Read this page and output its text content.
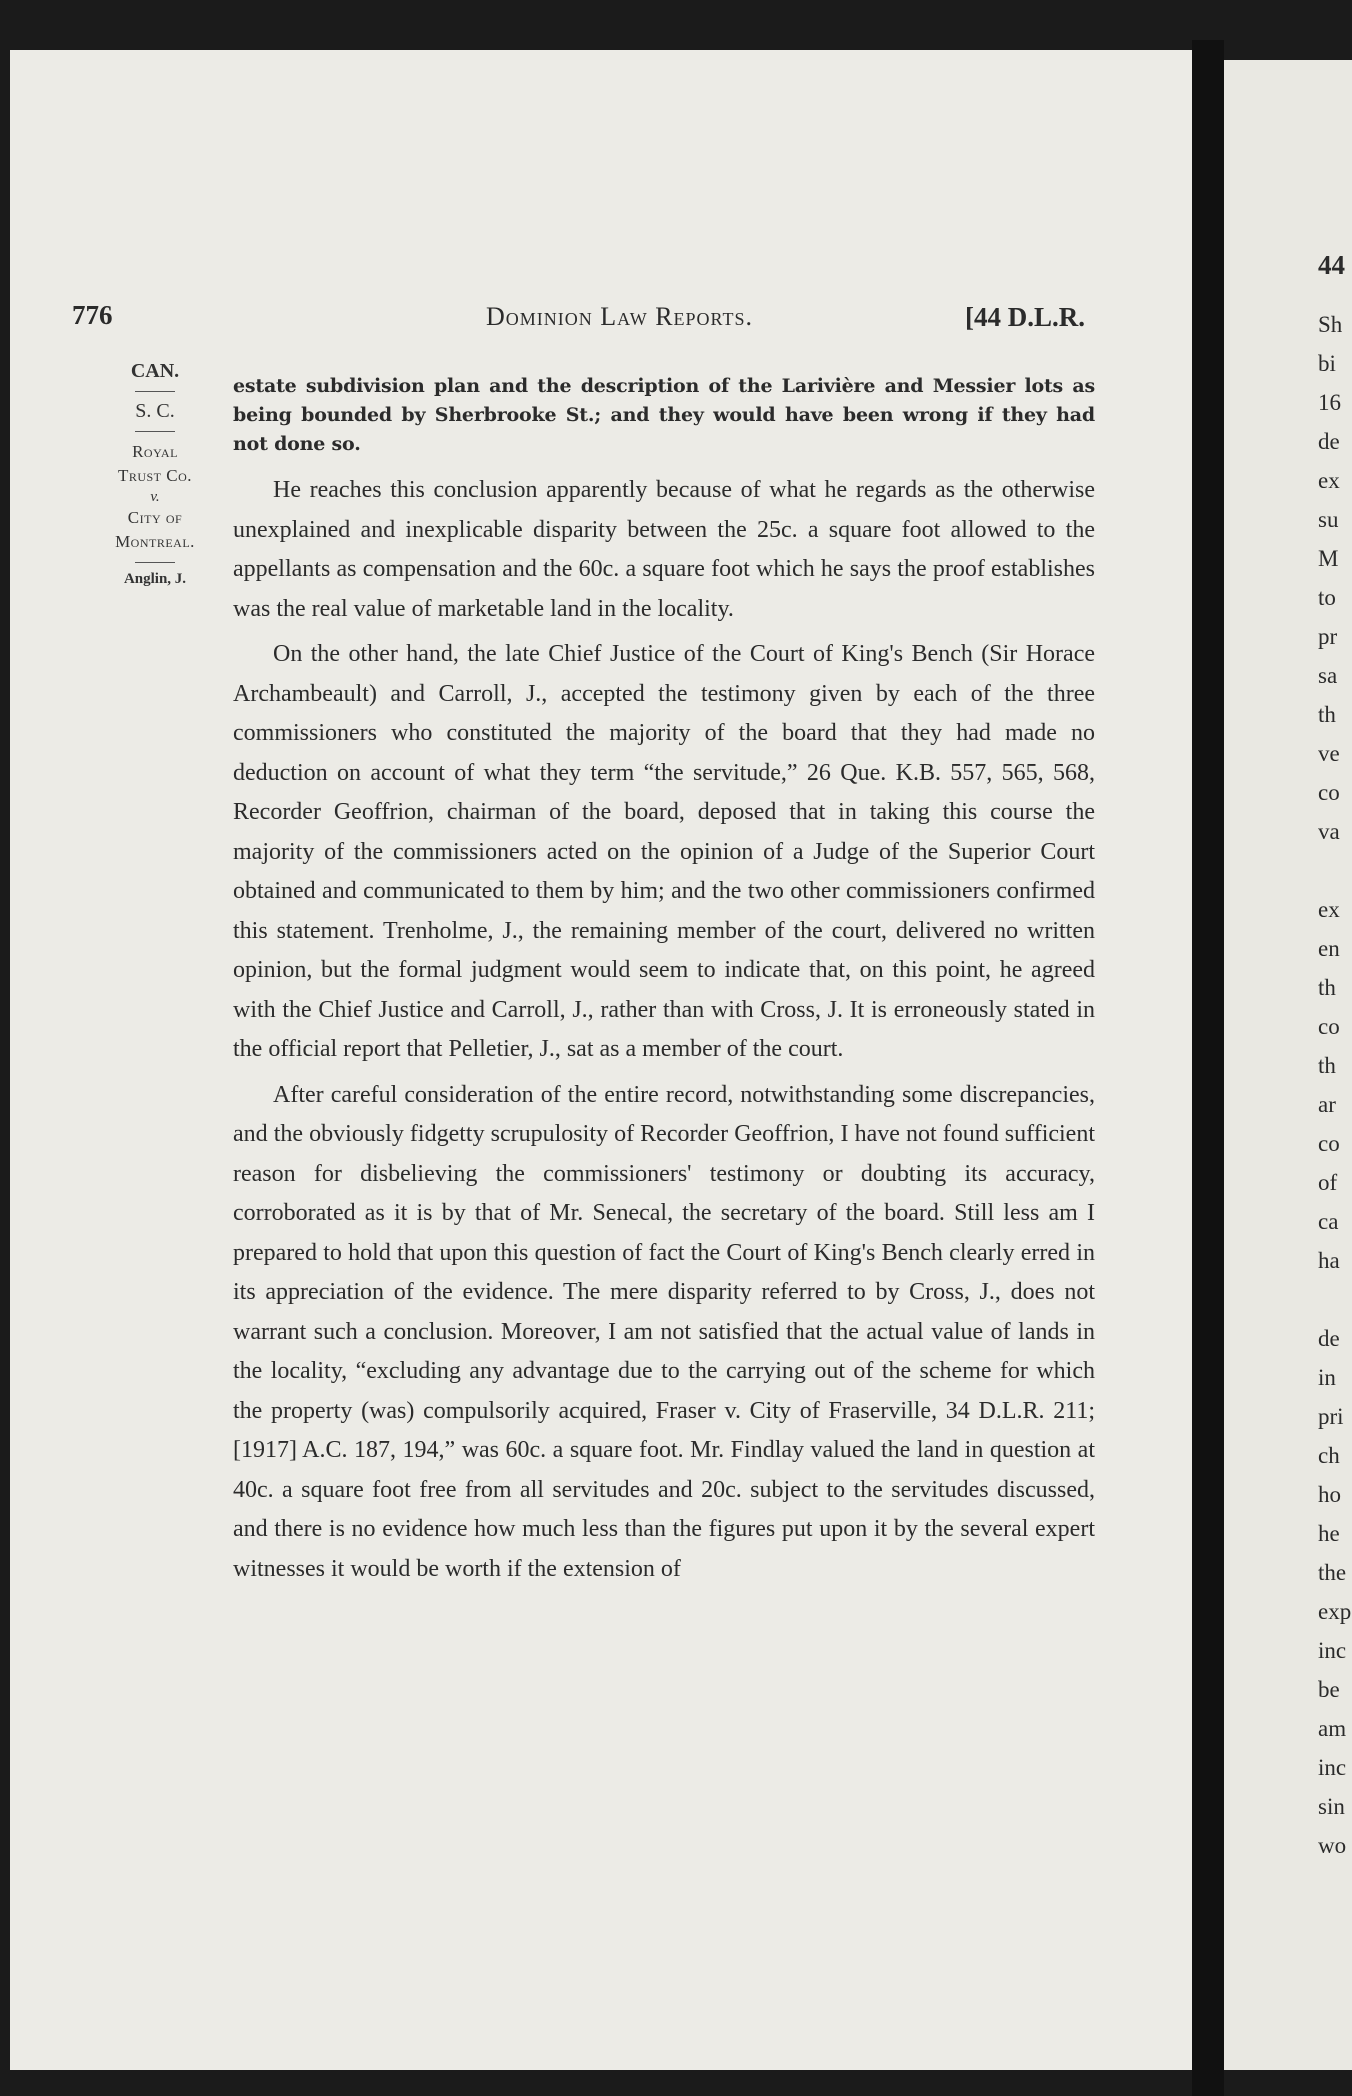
776	Dominion Law Reports.	[44 D.L.R.
CAN.
S. C.
Royal
Trust Co.
v.
City of
Montreal.
Anglin, J.

estate subdivision plan and the description of the Larivière and Messier lots as being bounded by Sherbrooke St.; and they would have been wrong if they had not done so.

He reaches this conclusion apparently because of what he regards as the otherwise unexplained and inexplicable disparity between the 25c. a square foot allowed to the appellants as compensation and the 60c. a square foot which he says the proof establishes was the real value of marketable land in the locality.

On the other hand, the late Chief Justice of the Court of King's Bench (Sir Horace Archambeault) and Carroll, J., accepted the testimony given by each of the three commissioners who constituted the majority of the board that they had made no deduction on account of what they term “the servitude,” 26 Que. K.B. 557, 565, 568, Recorder Geoffrion, chairman of the board, deposed that in taking this course the majority of the commissioners acted on the opinion of a Judge of the Superior Court obtained and communicated to them by him; and the two other commissioners confirmed this statement. Trenholme, J., the remaining member of the court, delivered no written opinion, but the formal judgment would seem to indicate that, on this point, he agreed with the Chief Justice and Carroll, J., rather than with Cross, J. It is erroneously stated in the official report that Pelletier, J., sat as a member of the court.

After careful consideration of the entire record, notwithstanding some discrepancies, and the obviously fidgetty scrupulosity of Recorder Geoffrion, I have not found sufficient reason for disbelieving the commissioners' testimony or doubting its accuracy, corroborated as it is by that of Mr. Senecal, the secretary of the board. Still less am I prepared to hold that upon this question of fact the Court of King's Bench clearly erred in its appreciation of the evidence. The mere disparity referred to by Cross, J., does not warrant such a conclusion. Moreover, I am not satisfied that the actual value of lands in the locality, “excluding any advantage due to the carrying out of the scheme for which the property (was) compulsorily acquired, Fraser v. City of Fraserville, 34 D.L.R. 211; [1917] A.C. 187, 194,” was 60c. a square foot. Mr. Findlay valued the land in question at 40c. a square foot free from all servitudes and 20c. subject to the servitudes discussed, and there is no evidence how much less than the figures put upon it by the several expert witnesses it would be worth if the extension of

44
Sh
bi
16
de
ex
su
M
to
pr
sa
th
ve
co
va
ex
en
th
co
th
ar
co
of
ca
ha
de
in
pri
ch
ho
he
the
exp
inc
be
am
inc
sin
wo
